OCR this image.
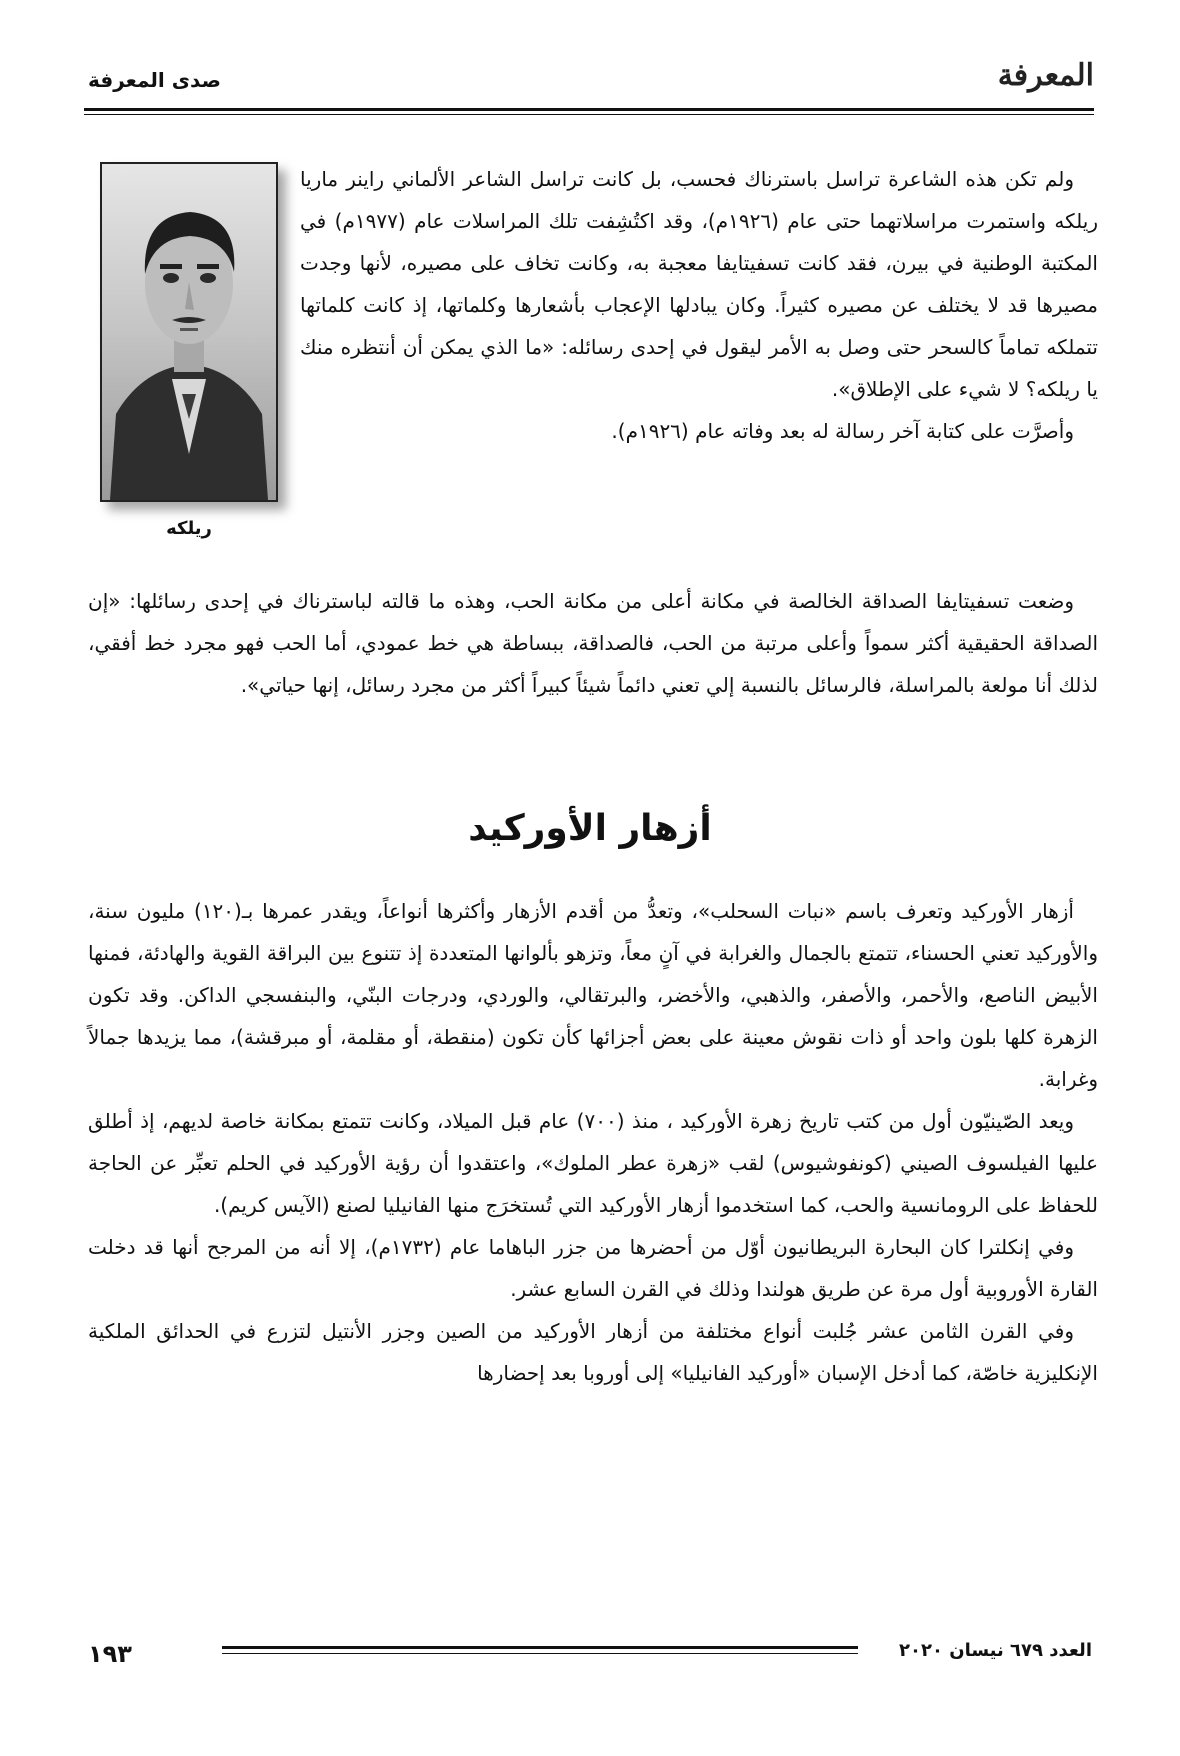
صدى المعرفة	المعرفة
ريلكه

ولم تكن هذه الشاعرة تراسل باسترناك فحسب، بل كانت تراسل الشاعر الألماني راينر ماريا ريلكه واستمرت مراسلاتهما حتى عام (١٩٢٦م)، وقد اكتُشِفت تلك المراسلات عام (١٩٧٧م) في المكتبة الوطنية في بيرن، فقد كانت تسفيتايفا معجبة به، وكانت تخاف على مصيره، لأنها وجدت مصيرها قد لا يختلف عن مصيره كثيراً. وكان يبادلها الإعجاب بأشعارها وكلماتها، إذ كانت كلماتها تتملكه تماماً كالسحر حتى وصل به الأمر ليقول في إحدى رسائله: «ما الذي يمكن أن أنتظره منك يا ريلكه؟ لا شيء على الإطلاق».

وأصرَّت على كتابة آخر رسالة له بعد وفاته عام (١٩٢٦م).

وضعت تسفيتايفا الصداقة الخالصة في مكانة أعلى من مكانة الحب، وهذه ما قالته لباسترناك في إحدى رسائلها: «إن الصداقة الحقيقية أكثر سمواً وأعلى مرتبة من الحب، فالصداقة، ببساطة هي خط عمودي، أما الحب فهو مجرد خط أفقي، لذلك أنا مولعة بالمراسلة، فالرسائل بالنسبة إلي تعني دائماً شيئاً كبيراً أكثر من مجرد رسائل، إنها حياتي».

أزهار الأوركيد

أزهار الأوركيد وتعرف باسم «نبات السحلب»، وتعدُّ من أقدم الأزهار وأكثرها أنواعاً، ويقدر عمرها بـ(١٢٠) مليون سنة، والأوركيد تعني الحسناء، تتمتع بالجمال والغرابة في آنٍ معاً، وتزهو بألوانها المتعددة إذ تتنوع بين البراقة القوية والهادئة، فمنها الأبيض الناصع، والأحمر، والأصفر، والذهبي، والأخضر، والبرتقالي، والوردي، ودرجات البنّي، والبنفسجي الداكن. وقد تكون الزهرة كلها بلون واحد أو ذات نقوش معينة على بعض أجزائها كأن تكون (منقطة، أو مقلمة، أو مبرقشة)، مما يزيدها جمالاً وغرابة.

ويعد الصّينيّون أول من كتب تاريخ زهرة الأوركيد ، منذ (٧٠٠) عام قبل الميلاد، وكانت تتمتع بمكانة خاصة لديهم، إذ أطلق عليها الفيلسوف الصيني (كونفوشيوس) لقب «زهرة عطر الملوك»، واعتقدوا أن رؤية الأوركيد في الحلم تعبِّر عن الحاجة للحفاظ على الرومانسية والحب، كما استخدموا أزهار الأوركيد التي تُستخرَج منها الفانيليا لصنع (الآيس كريم).

وفي إنكلترا كان البحارة البريطانيون أوّل من أحضرها من جزر الباهاما عام (١٧٣٢م)، إلا أنه من المرجح أنها قد دخلت القارة الأوروبية أول مرة عن طريق هولندا وذلك في القرن السابع عشر.

وفي القرن الثامن عشر جُلبت أنواع مختلفة من أزهار الأوركيد من الصين وجزر الأنتيل لتزرع في الحدائق الملكية الإنكليزية خاصّة، كما أدخل الإسبان «أوركيد الفانيليا» إلى أوروبا بعد إحضارها

١٩٣	العدد ٦٧٩ نيسان ٢٠٢٠
